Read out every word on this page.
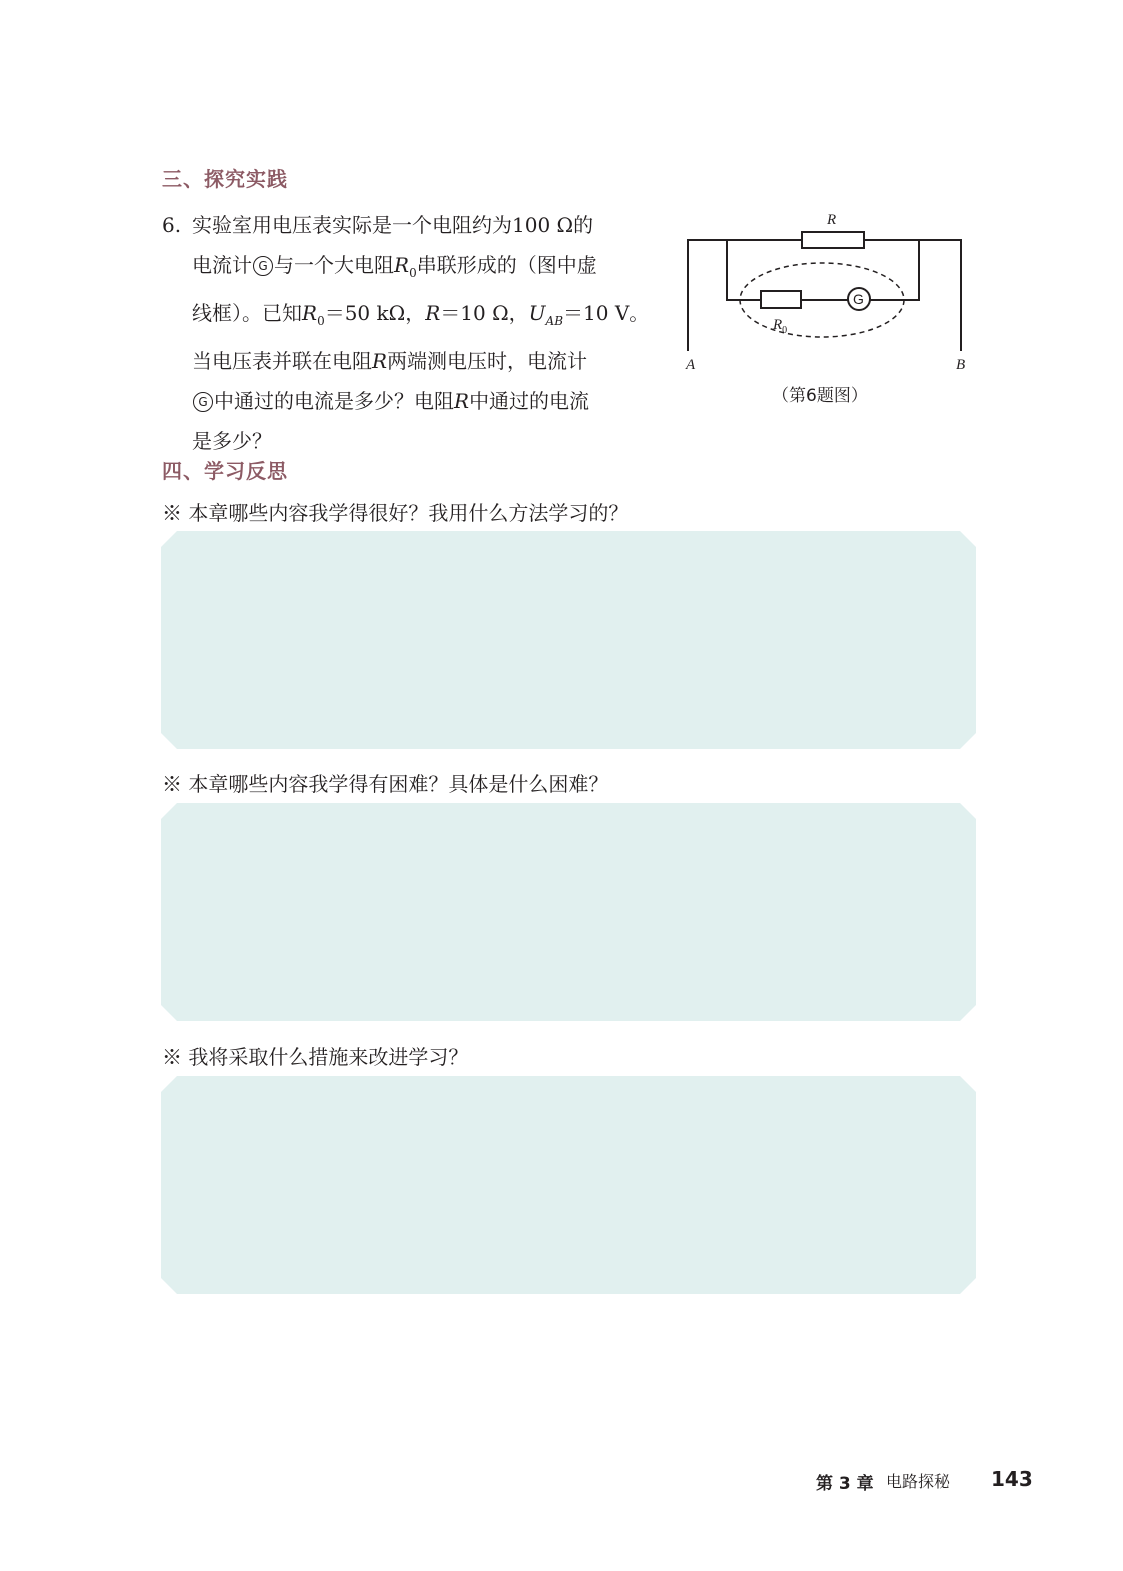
三、探究实践
6. 实验室用电压表实际是一个电阻约为100 Ω的

电流计 G 与一个大电阻$R_0$串联形成的（图中虚

线框）。已知$R_0=50$ kΩ，R＝10 Ω，$U_{AB}=10$ V。

当电压表并联在电阻R两端测电压时，电流计

G 中通过的电流是多少？电阻R中通过的电流

是多少？

R
$R_0$
G
A	B
（第6题图）
四、学习反思
※ 本章哪些内容我学得很好？我用什么方法学习的？
※ 本章哪些内容我学得有困难？具体是什么困难？
※ 我将采取什么措施来改进学习？
第 3 章 电路探秘 143
